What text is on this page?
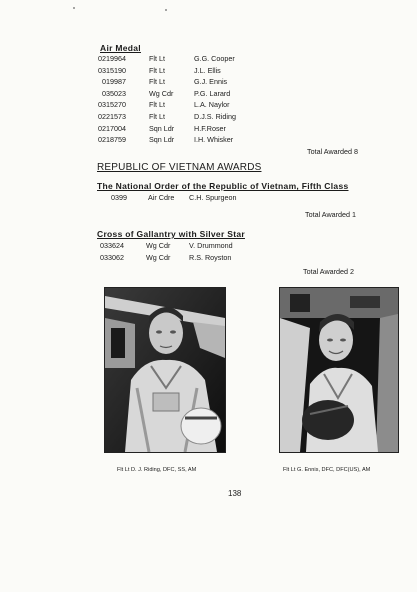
Air Medal
0219964	Flt Lt	G.G. Cooper
0315190	Flt Lt	J.L. Ellis
019987	Flt Lt	G.J. Ennis
035023	Wg Cdr	P.G. Larard
0315270	Flt Lt	L.A. Naylor
0221573	Flt Lt	D.J.S. Riding
0217004	Sqn Ldr	H.F.Roser
0218759	Sqn Ldr	I.H. Whisker
Total Awarded 8
REPUBLIC OF VIETNAM AWARDS
The National Order of the Republic of Vietnam, Fifth Class
0399	Air Cdre C.H. Spurgeon
Total Awarded 1
Cross of Gallantry with Silver Star
033624	Wg Cdr	V. Drummond
033062	Wg Cdr	R.S. Royston
Total Awarded 2
Flt Lt D. J. Riding, DFC, SS, AM	Flt Lt G. Ennis, DFC, DFC(US), AM
138
